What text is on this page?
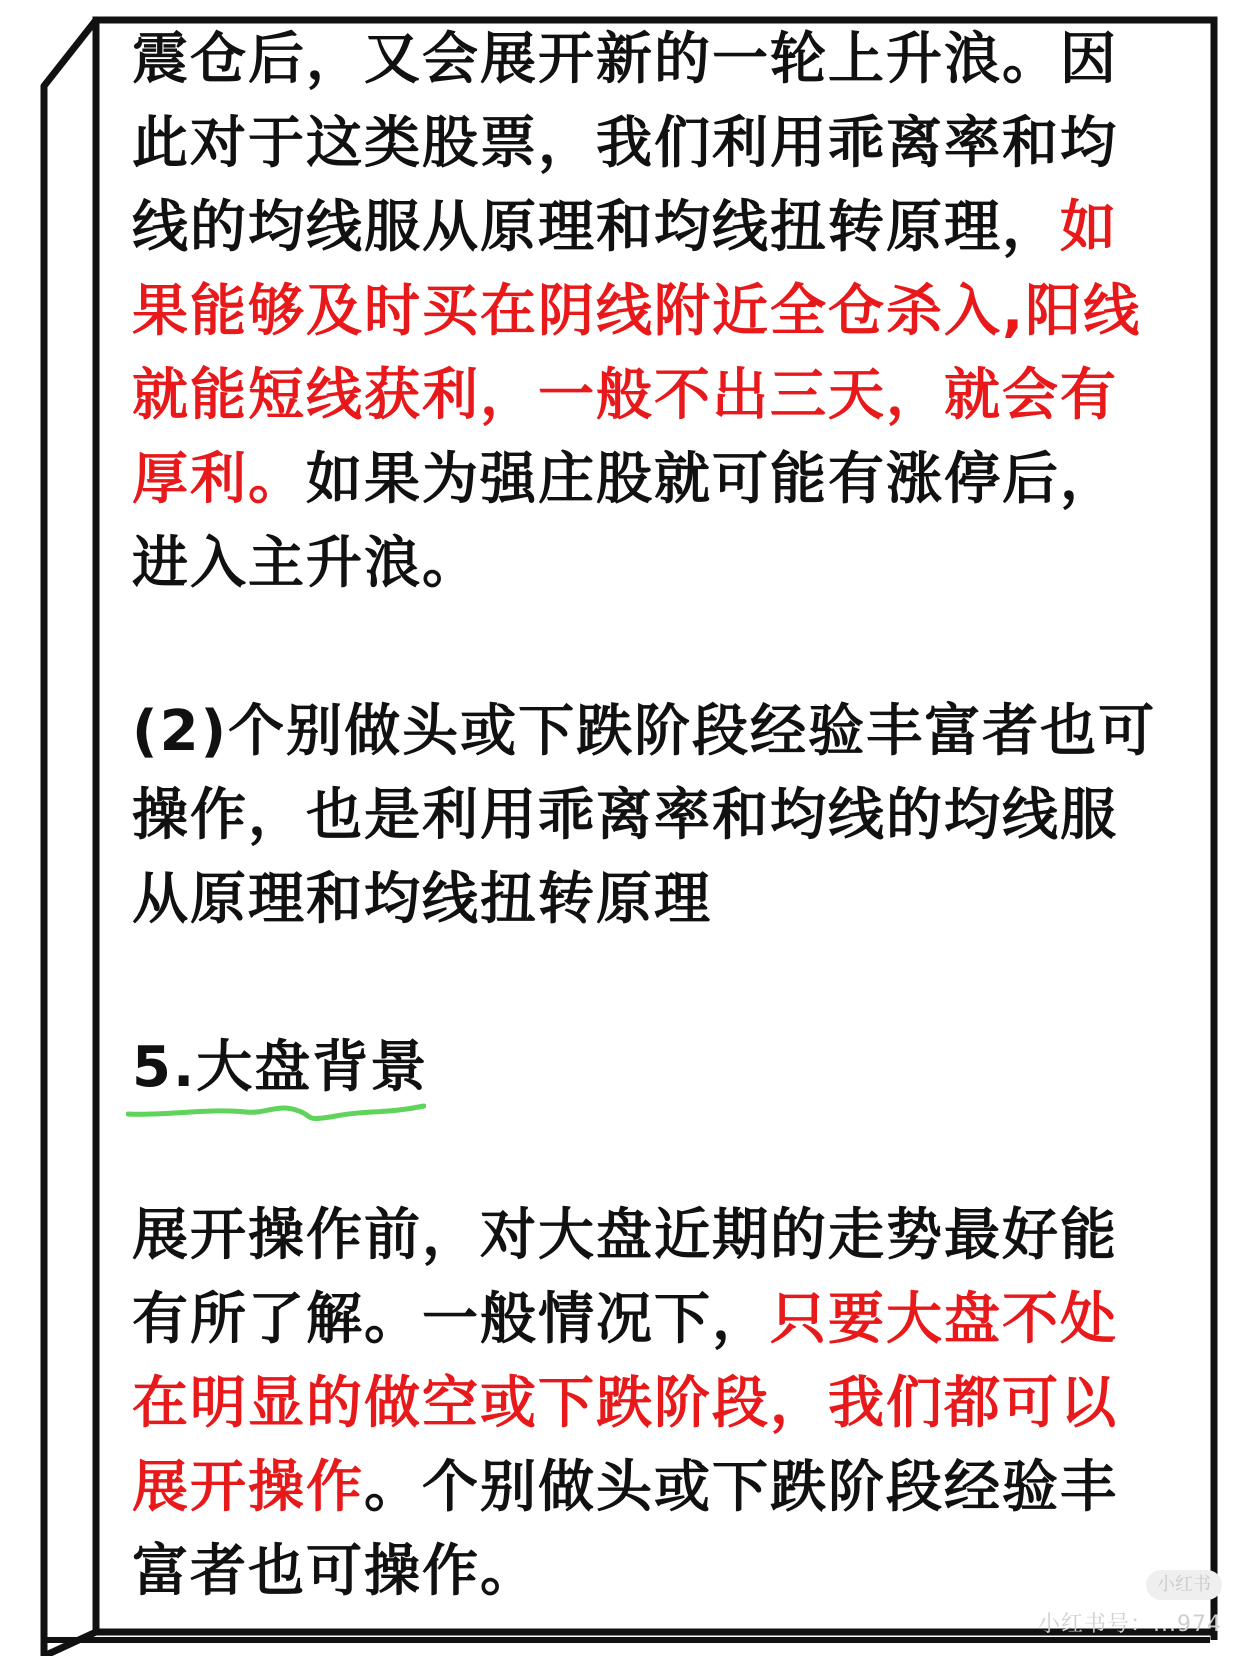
震仓后，又会展开新的一轮上升浪。因
此对于这类股票，我们利用乖离率和均
线的均线服从原理和均线扭转原理，如
果能够及时买在阴线附近全仓杀入,阳线
就能短线获利，一般不出三天，就会有
厚利。如果为强庄股就可能有涨停后，
进入主升浪。
(2)个别做头或下跌阶段经验丰富者也可
操作，也是利用乖离率和均线的均线服
从原理和均线扭转原理
5.大盘背景
展开操作前，对大盘近期的走势最好能
有所了解。一般情况下，只要大盘不处
在明显的做空或下跌阶段，我们都可以
展开操作。个别做头或下跌阶段经验丰
富者也可操作。	小红书
小红书号：...974
